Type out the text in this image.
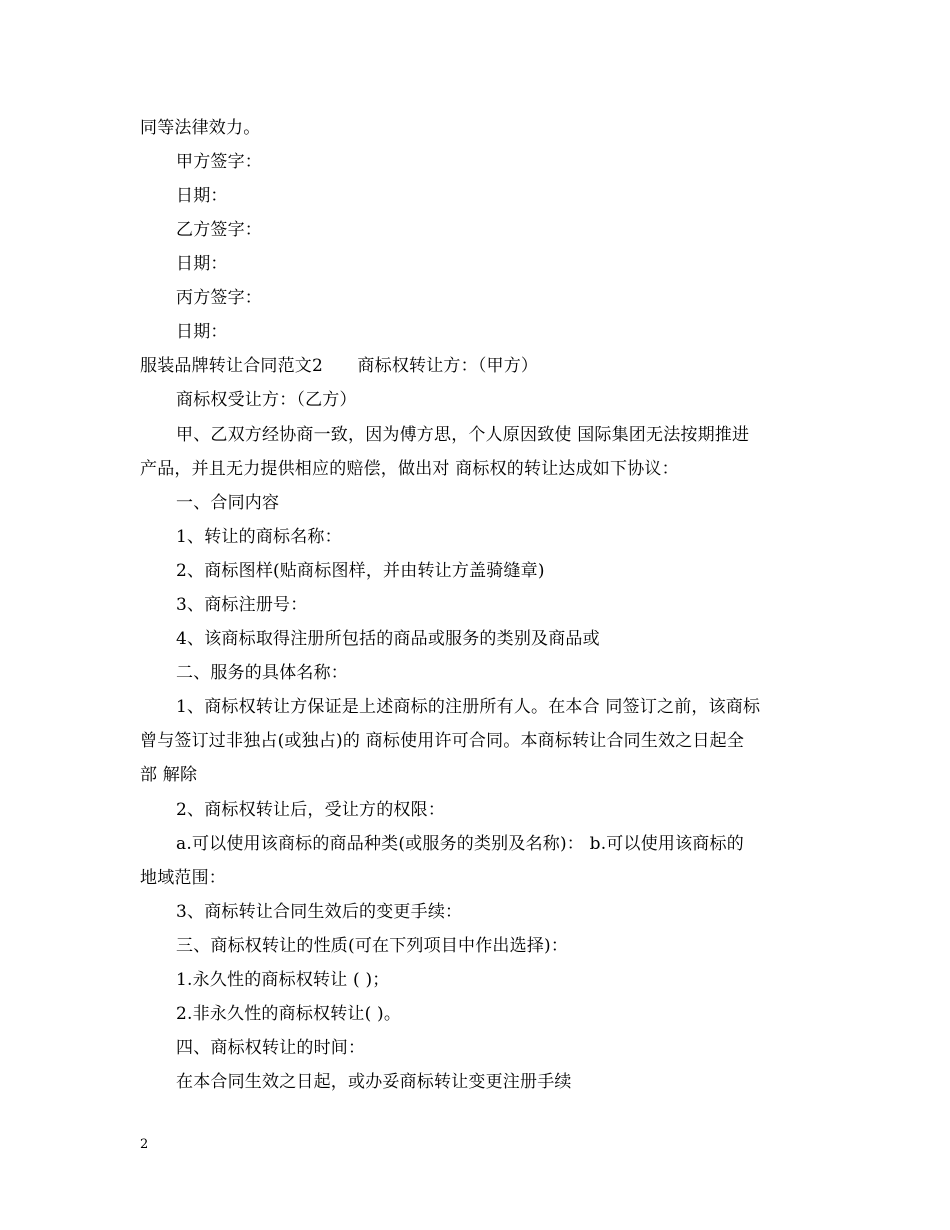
同等法律效力。
甲方签字：
日期：
乙方签字：
日期：
丙方签字：
日期：
服装品牌转让合同范文2　　商标权转让方：（甲方）
商标权受让方：（乙方）
甲、乙双方经协商一致，因为傅方思，个人原因致使 国际集团无法按期推进
产品，并且无力提供相应的赔偿，做出对 商标权的转让达成如下协议：
一、合同内容
1、转让的商标名称：
2、商标图样(贴商标图样，并由转让方盖骑缝章)
3、商标注册号：
4、该商标取得注册所包括的商品或服务的类别及商品或
二、服务的具体名称：
1、商标权转让方保证是上述商标的注册所有人。在本合 同签订之前，该商标
曾与签订过非独占(或独占)的 商标使用许可合同。本商标转让合同生效之日起全
部 解除
2、商标权转让后，受让方的权限：
a.可以使用该商标的商品种类(或服务的类别及名称)： b.可以使用该商标的
地域范围：
3、商标转让合同生效后的变更手续：
三、商标权转让的性质(可在下列项目中作出选择)：
1.永久性的商标权转让 ( )；
2.非永久性的商标权转让( )。
四、商标权转让的时间：
在本合同生效之日起，或办妥商标转让变更注册手续
2
